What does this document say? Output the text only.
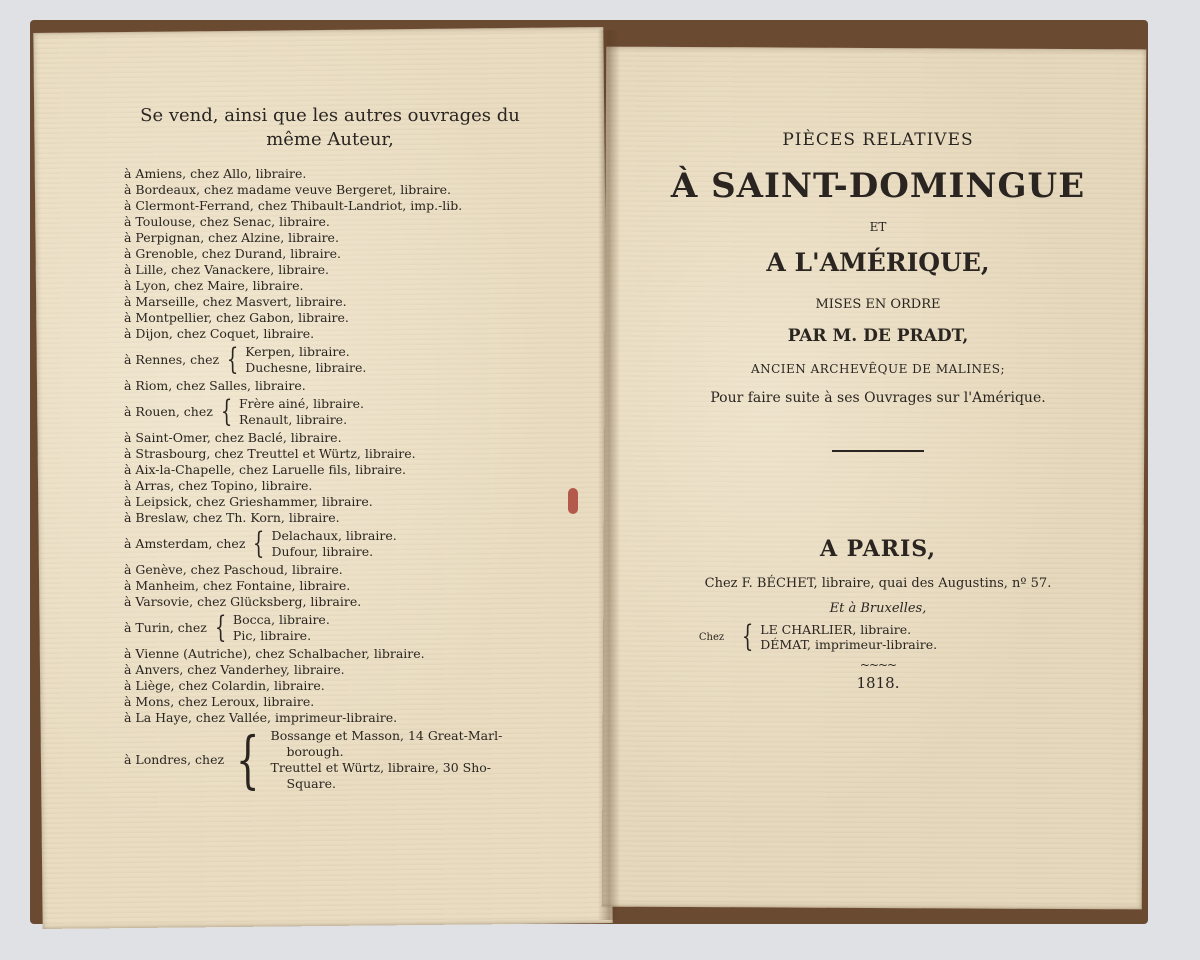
Se vend, ainsi que les autres ouvrages du
même Auteur,
à Amiens, chez Allo, libraire.
à Bordeaux, chez madame veuve Bergeret, libraire.
à Clermont-Ferrand, chez Thibault-Landriot, imp.-lib.
à Toulouse, chez Senac, libraire.
à Perpignan, chez Alzine, libraire.
à Grenoble, chez Durand, libraire.
à Lille, chez Vanackere, libraire.
à Lyon, chez Maire, libraire.
à Marseille, chez Masvert, libraire.
à Montpellier, chez Gabon, libraire.
à Dijon, chez Coquet, libraire.
à Rennes, chez { Kerpen, libraire.
Duchesne, libraire.
à Riom, chez Salles, libraire.
à Rouen, chez { Frère ainé, libraire.
Renault, libraire.
à Saint-Omer, chez Baclé, libraire.
à Strasbourg, chez Treuttel et Würtz, libraire.
à Aix-la-Chapelle, chez Laruelle fils, libraire.
à Arras, chez Topino, libraire.
à Leipsick, chez Grieshammer, libraire.
à Breslaw, chez Th. Korn, libraire.
à Amsterdam, chez { Delachaux, libraire.
Dufour, libraire.
à Genève, chez Paschoud, libraire.
à Manheim, chez Fontaine, libraire.
à Varsovie, chez Glücksberg, libraire.
à Turin, chez { Bocca, libraire.
Pic, libraire.
à Vienne (Autriche), chez Schalbacher, libraire.
à Anvers, chez Vanderhey, libraire.
à Liège, chez Colardin, libraire.
à Mons, chez Leroux, libraire.
à La Haye, chez Vallée, imprimeur-libraire.
à Londres, chez { Bossange et Masson, 14 Great-Marl-
borough.
Treuttel et Würtz, libraire, 30 Sho-
Square.
PIÈCES RELATIVES
À SAINT-DOMINGUE
ET
A L'AMÉRIQUE,
MISES EN ORDRE
PAR M. DE PRADT,
ANCIEN ARCHEVÊQUE DE MALINES;
Pour faire suite à ses Ouvrages sur l'Amérique.
A PARIS,
Chez F. BÉCHET, libraire, quai des Augustins, nº 57.
Et à Bruxelles,
Chez { LE CHARLIER, libraire.
DÉMAT, imprimeur-libraire.
~~~~
1818.
